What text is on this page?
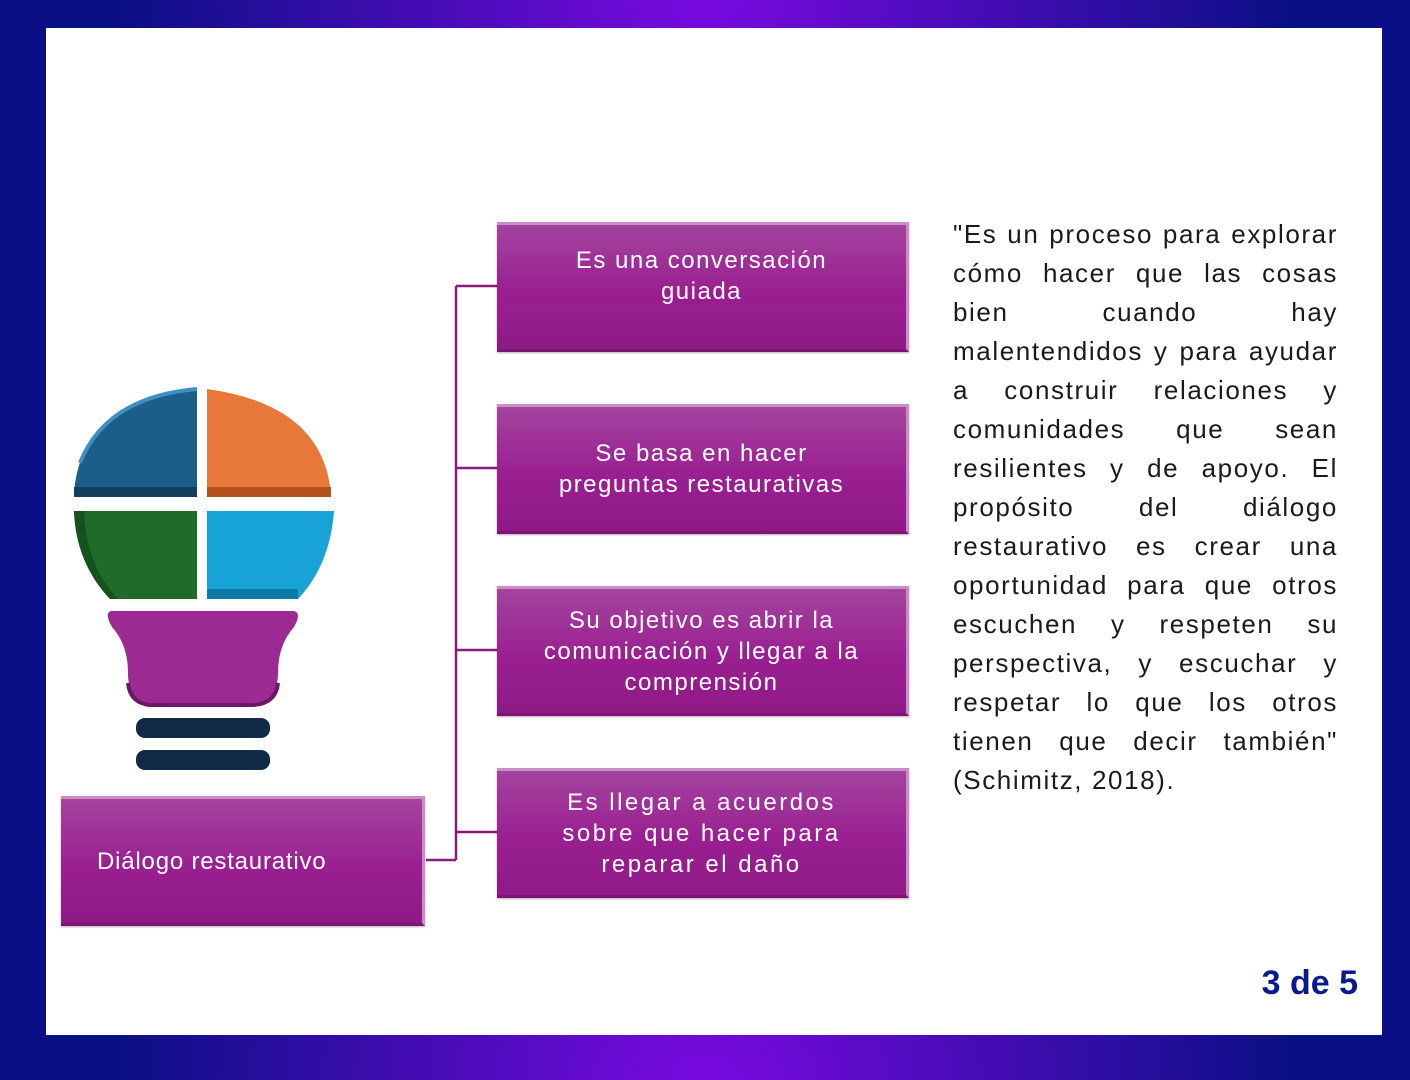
Diálogo restaurativo
Es una conversación guiada
Se basa en hacer preguntas restaurativas
Su objetivo es abrir la comunicación y llegar a la comprensión
Es llegar a acuerdos sobre que hacer para reparar el daño

"Es un proceso para explorar cómo hacer que las cosas bien cuando hay malentendidos y para ayudar a construir relaciones y comunidades que sean resilientes y de apoyo. El propósito del diálogo restaurativo es crear una oportunidad para que otros escuchen y respeten su perspectiva, y escuchar y respetar lo que los otros tienen que decir también" (Schimitz, 2018).

3 de 5
